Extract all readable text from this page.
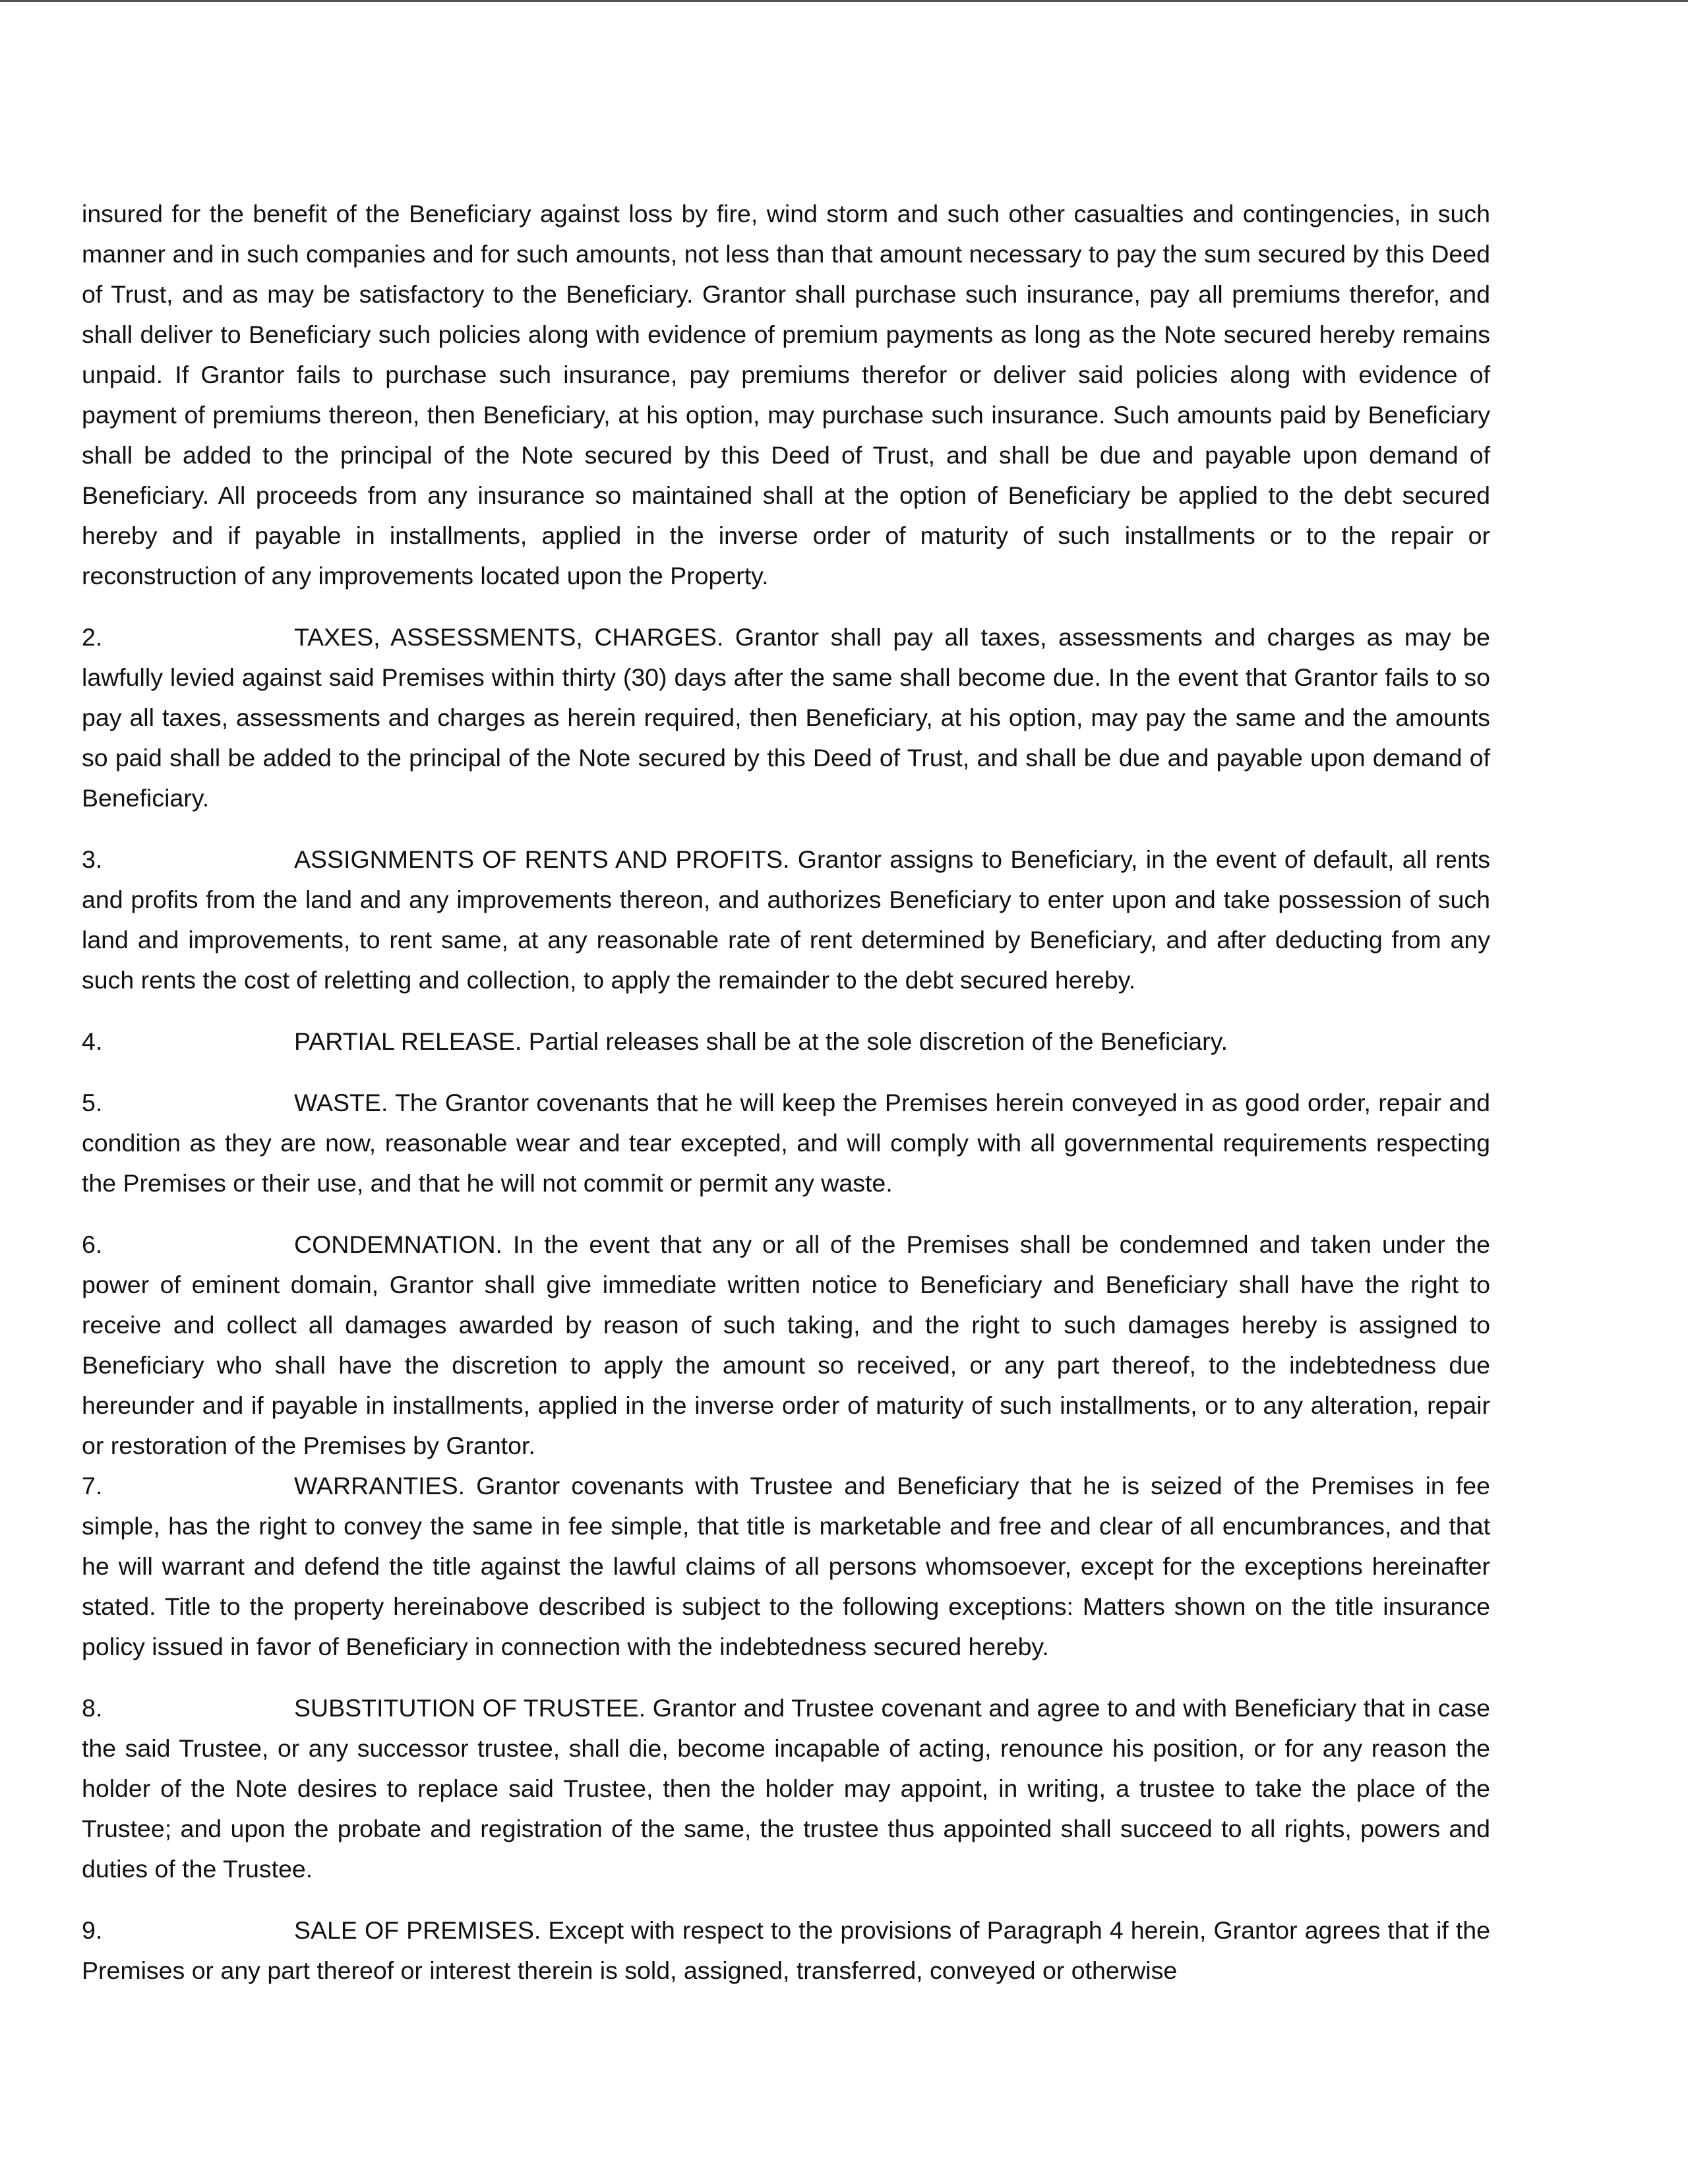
insured for the benefit of the Beneficiary against loss by fire, wind storm and such other casualties and contingencies, in such manner and in such companies and for such amounts, not less than that amount necessary to pay the sum secured by this Deed of Trust, and as may be satisfactory to the Beneficiary. Grantor shall purchase such insurance, pay all premiums therefor, and shall deliver to Beneficiary such policies along with evidence of premium payments as long as the Note secured hereby remains unpaid. If Grantor fails to purchase such insurance, pay premiums therefor or deliver said policies along with evidence of payment of premiums thereon, then Beneficiary, at his option, may purchase such insurance. Such amounts paid by Beneficiary shall be added to the principal of the Note secured by this Deed of Trust, and shall be due and payable upon demand of Beneficiary. All proceeds from any insurance so maintained shall at the option of Beneficiary be applied to the debt secured hereby and if payable in installments, applied in the inverse order of maturity of such installments or to the repair or reconstruction of any improvements located upon the Property.

2.	TAXES, ASSESSMENTS, CHARGES. Grantor shall pay all taxes, assessments and charges as may be lawfully levied against said Premises within thirty (30) days after the same shall become due. In the event that Grantor fails to so pay all taxes, assessments and charges as herein required, then Beneficiary, at his option, may pay the same and the amounts so paid shall be added to the principal of the Note secured by this Deed of Trust, and shall be due and payable upon demand of Beneficiary.

3.	ASSIGNMENTS OF RENTS AND PROFITS. Grantor assigns to Beneficiary, in the event of default, all rents and profits from the land and any improvements thereon, and authorizes Beneficiary to enter upon and take possession of such land and improvements, to rent same, at any reasonable rate of rent determined by Beneficiary, and after deducting from any such rents the cost of reletting and collection, to apply the remainder to the debt secured hereby.

4.	PARTIAL RELEASE. Partial releases shall be at the sole discretion of the Beneficiary.

5.	WASTE. The Grantor covenants that he will keep the Premises herein conveyed in as good order, repair and condition as they are now, reasonable wear and tear excepted, and will comply with all governmental requirements respecting the Premises or their use, and that he will not commit or permit any waste.

6.	CONDEMNATION. In the event that any or all of the Premises shall be condemned and taken under the power of eminent domain, Grantor shall give immediate written notice to Beneficiary and Beneficiary shall have the right to receive and collect all damages awarded by reason of such taking, and the right to such damages hereby is assigned to Beneficiary who shall have the discretion to apply the amount so received, or any part thereof, to the indebtedness due hereunder and if payable in installments, applied in the inverse order of maturity of such installments, or to any alteration, repair or restoration of the Premises by Grantor.

7.	WARRANTIES. Grantor covenants with Trustee and Beneficiary that he is seized of the Premises in fee simple, has the right to convey the same in fee simple, that title is marketable and free and clear of all encumbrances, and that he will warrant and defend the title against the lawful claims of all persons whomsoever, except for the exceptions hereinafter stated. Title to the property hereinabove described is subject to the following exceptions: Matters shown on the title insurance policy issued in favor of Beneficiary in connection with the indebtedness secured hereby.

8.	SUBSTITUTION OF TRUSTEE. Grantor and Trustee covenant and agree to and with Beneficiary that in case the said Trustee, or any successor trustee, shall die, become incapable of acting, renounce his position, or for any reason the holder of the Note desires to replace said Trustee, then the holder may appoint, in writing, a trustee to take the place of the Trustee; and upon the probate and registration of the same, the trustee thus appointed shall succeed to all rights, powers and duties of the Trustee.

9.	SALE OF PREMISES. Except with respect to the provisions of Paragraph 4 herein, Grantor agrees that if the Premises or any part thereof or interest therein is sold, assigned, transferred, conveyed or otherwise
